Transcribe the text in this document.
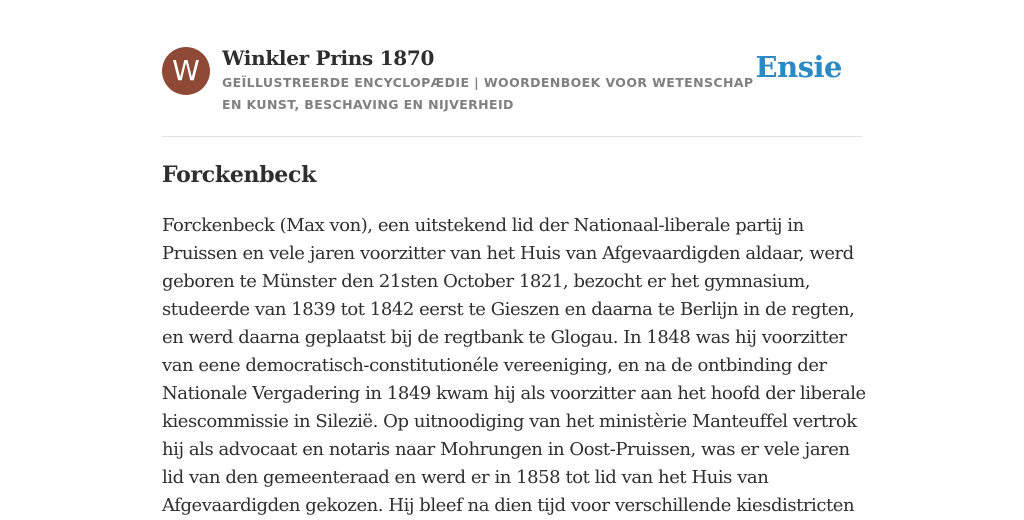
W	Winkler Prins 1870
GEÏLLUSTREERDE ENCYCLOPÆDIE | WOORDENBOEK VOOR WETENSCHAP EN KUNST, BESCHAVING EN NIJVERHEID
Ensie
Forckenbeck

Forckenbeck (Max von), een uitstekend lid der Nationaal-liberale partij in Pruissen en vele jaren voorzitter van het Huis van Afgevaardigden aldaar, werd geboren te Münster den 21sten October 1821, bezocht er het gymnasium, studeerde van 1839 tot 1842 eerst te Gieszen en daarna te Berlijn in de regten, en werd daarna geplaatst bij de regtbank te Glogau. In 1848 was hij voorzitter van eene democratisch-constitutionéle vereeniging, en na de ontbinding der Nationale Vergadering in 1849 kwam hij als voorzitter aan het hoofd der liberale kiescommissie in Silezië. Op uitnoodiging van het ministèrie Manteuffel vertrok hij als advocaat en notaris naar Mohrungen in Oost-Pruissen, was er vele jaren lid van den gemeenteraad en werd er in 1858 tot lid van het Huis van Afgevaardigden gekozen. Hij bleef na dien tijd voor verschillende kiesdistricten
